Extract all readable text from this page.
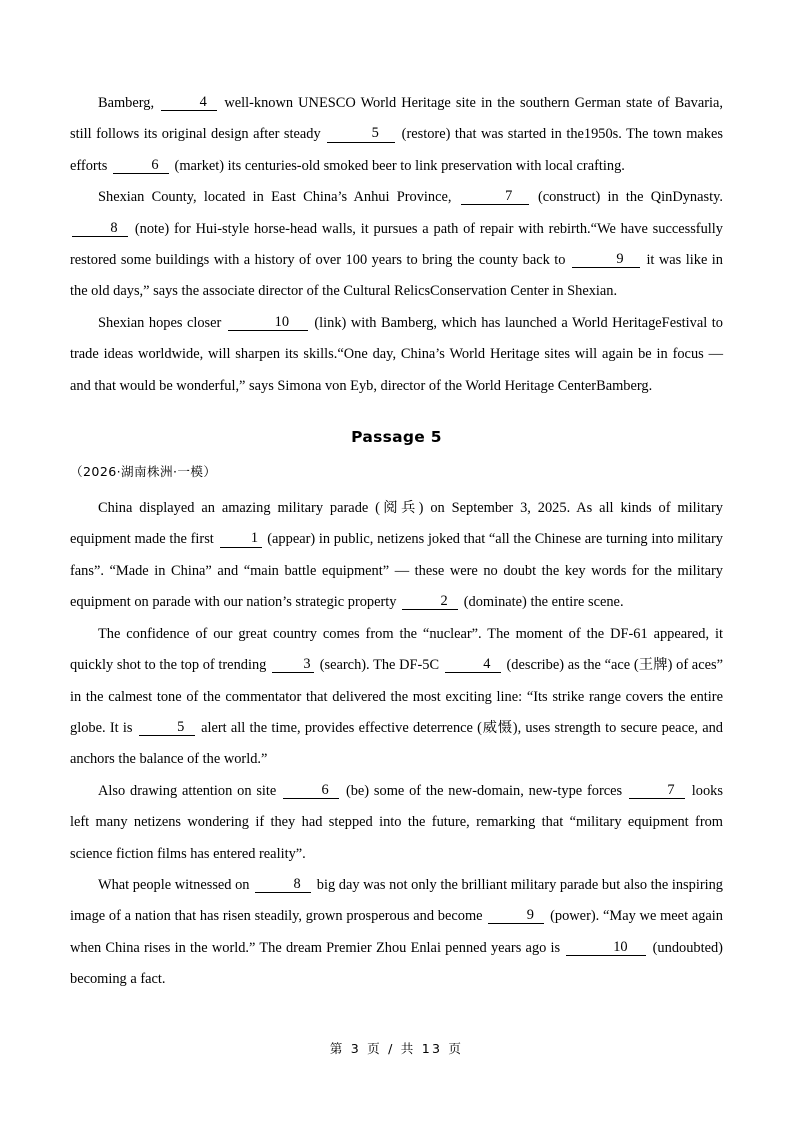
Bamberg,	4 well-known UNESCO World Heritage site in the southern German state of Bavaria, still follows its original design after steady	5 (restore) that was started in the1950s. The town makes efforts	6 (market) its centuries-old smoked beer to link preservation with local crafting.

Shexian County, located in East China’s Anhui Province,	7 (construct) in the QinDynasty. 8 (note) for Hui-style horse-head walls, it pursues a path of repair with rebirth.“We have successfully restored some buildings with a history of over 100 years to bring the county back to	9 it was like in the old days,” says the associate director of the Cultural RelicsConservation Center in Shexian.

Shexian hopes closer	10 (link) with Bamberg, which has launched a World HeritageFestival to trade ideas worldwide, will sharpen its skills.“One day, China’s World Heritage sites will again be in focus — and that would be wonderful,” says Simona von Eyb, director of the World Heritage CenterBamberg.

Passage 5

（2026·湖南株洲·一模）

China displayed an amazing military parade (阅兵) on September 3, 2025. As all kinds of military equipment made the first	1 (appear) in public, netizens joked that “all the Chinese are turning into military fans”. “Made in China” and “main battle equipment” — these were no doubt the key words for the military equipment on parade with our nation’s strategic property	2 (dominate) the entire scene.

The confidence of our great country comes from the “nuclear”. The moment of the DF-61 appeared, it quickly shot to the top of trending	3 (search). The DF-5C	4 (describe) as the “ace (王牌) of aces” in the calmest tone of the commentator that delivered the most exciting line: “Its strike range covers the entire globe. It is	5 alert all the time, provides effective deterrence (威慑), uses strength to secure peace, and anchors the balance of the world.”

Also drawing attention on site	6 (be) some of the new-domain, new-type forces	7 looks left many netizens wondering if they had stepped into the future, remarking that “military equipment from science fiction films has entered reality”.

What people witnessed on	8 big day was not only the brilliant military parade but also the inspiring image of a nation that has risen steadily, grown prosperous and become	9 (power). “May we meet again when China rises in the world.” The dream Premier Zhou Enlai penned years ago is	10 (undoubted) becoming a fact.

第 3 页 / 共 13 页
